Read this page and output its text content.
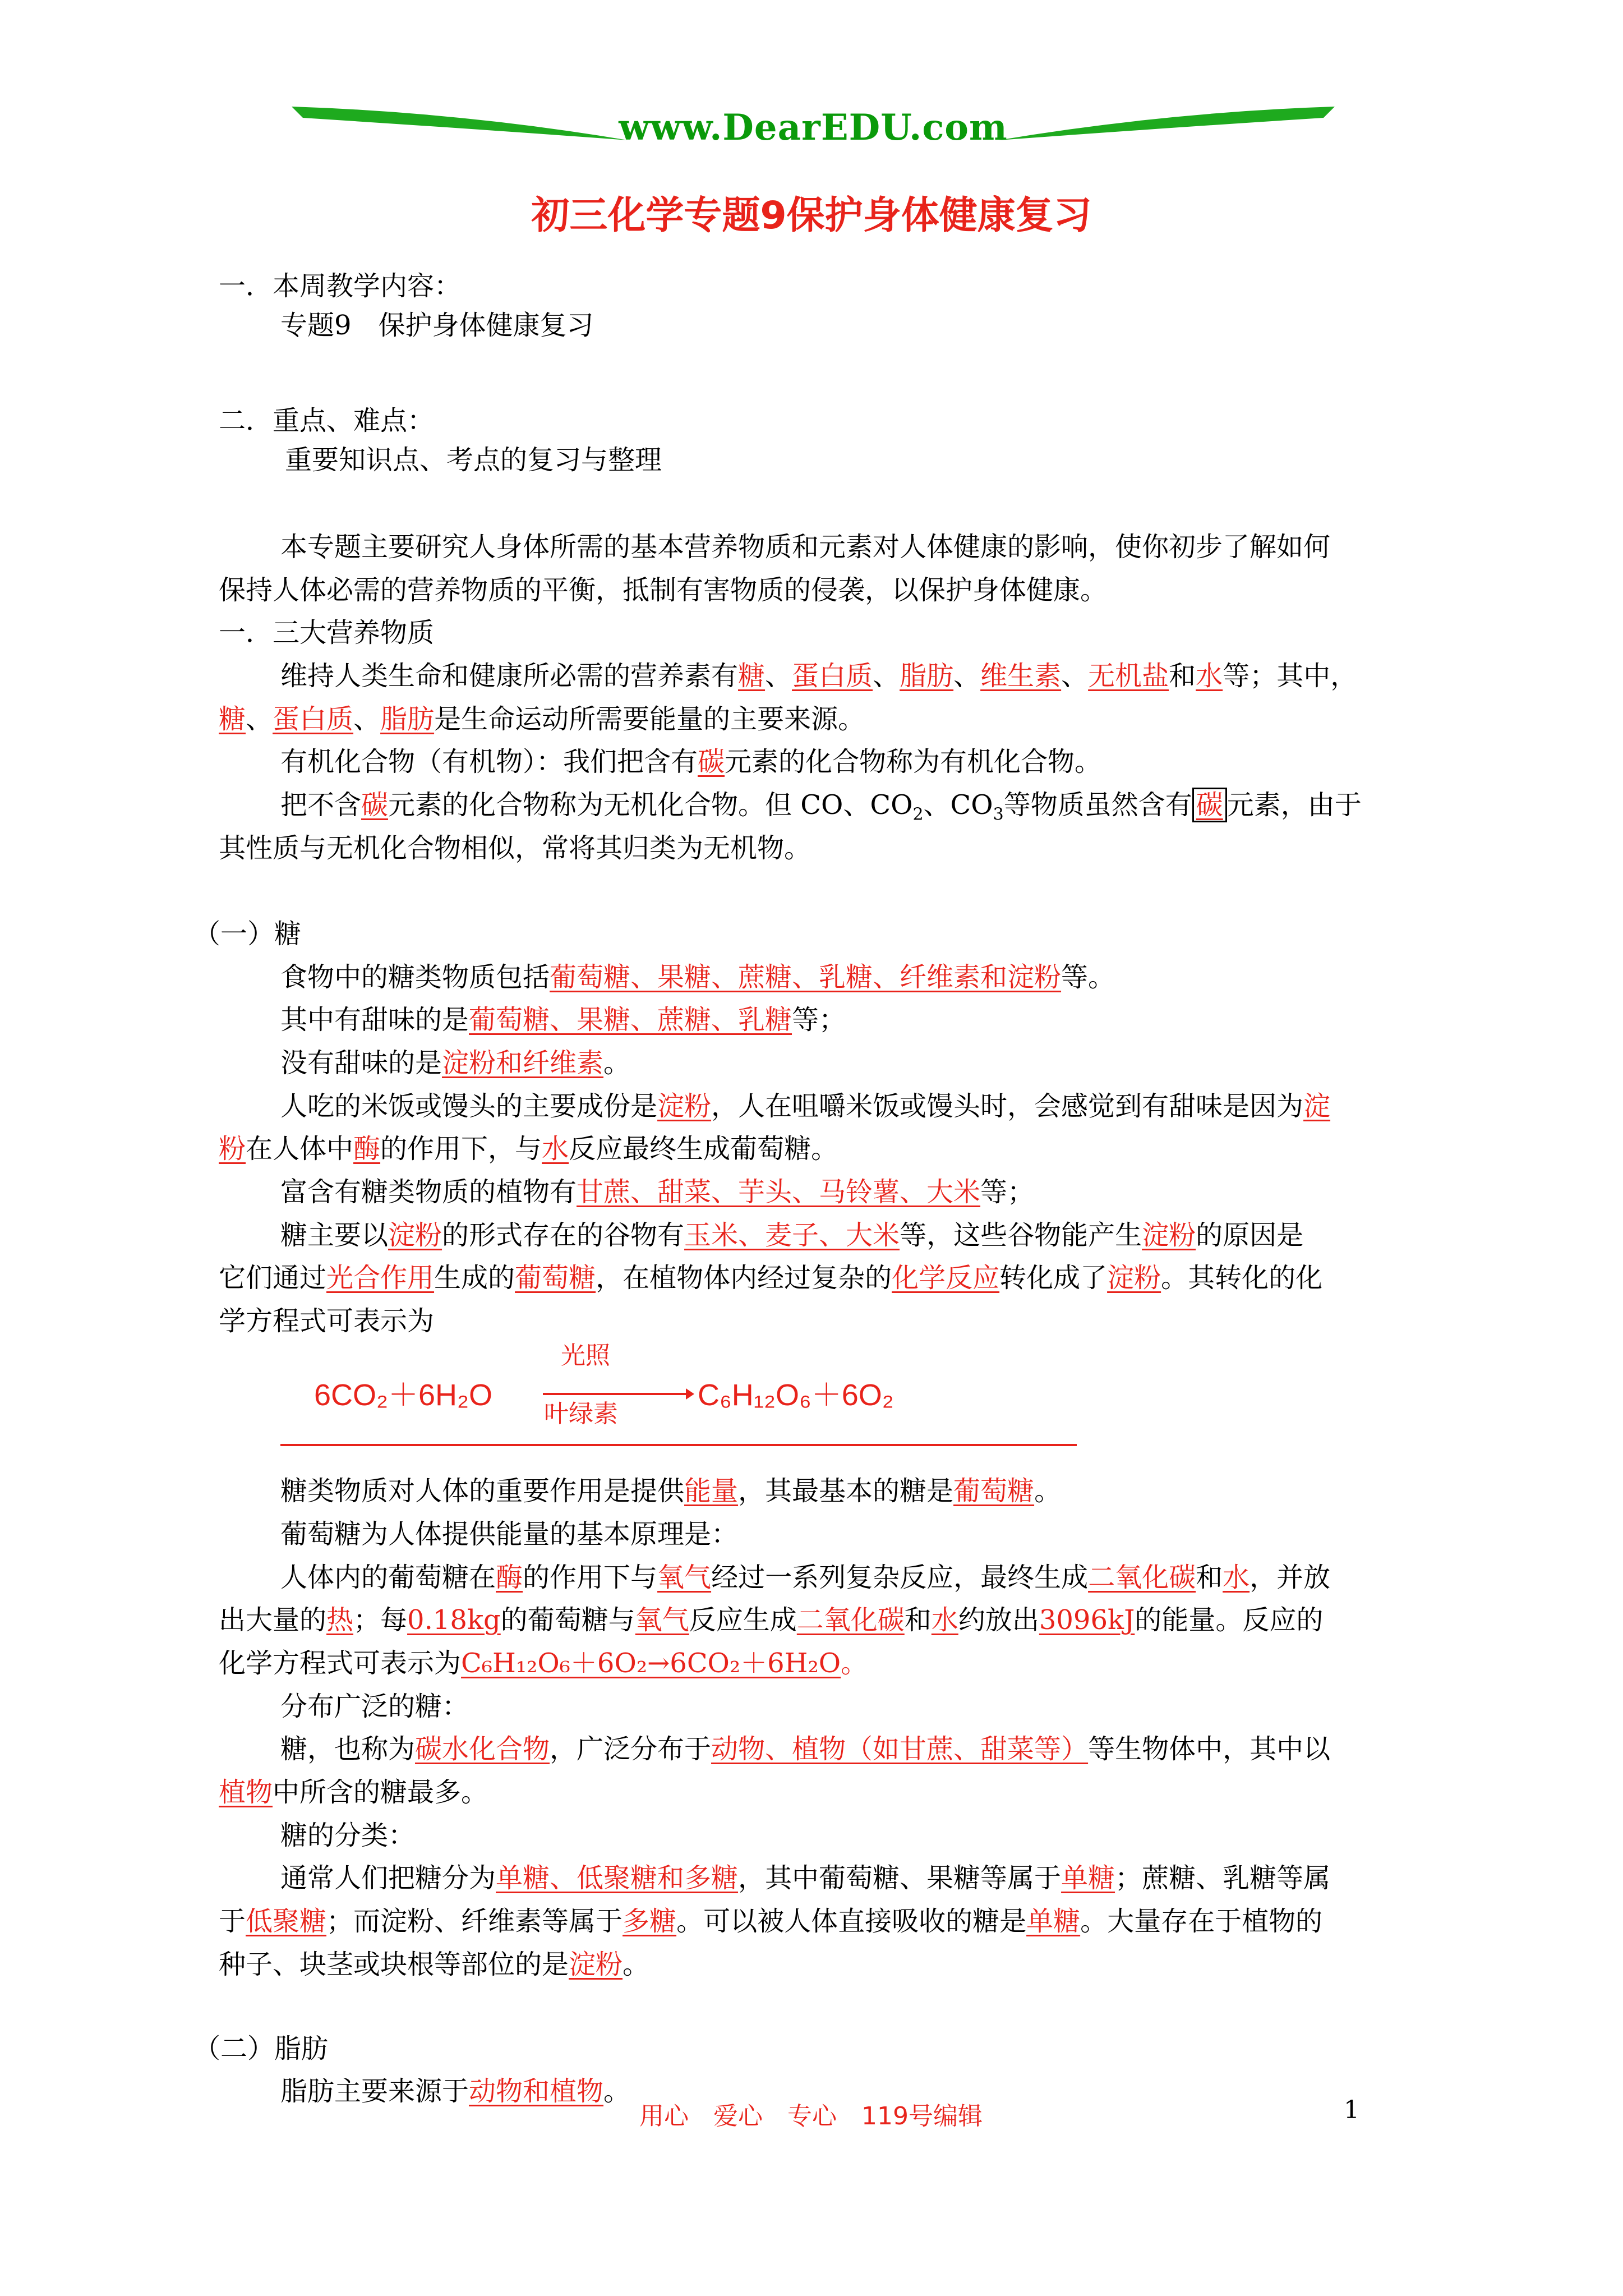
www.DearEDU.com
初三化学专题9保护身体健康复习
一．本周教学内容：
专题9　保护身体健康复习
二．重点、难点：
重要知识点、考点的复习与整理
本专题主要研究人身体所需的基本营养物质和元素对人体健康的影响，使你初步了解如何
保持人体必需的营养物质的平衡，抵制有害物质的侵袭，以保护身体健康。
一．三大营养物质
维持人类生命和健康所必需的营养素有糖、蛋白质、脂肪、维生素、无机盐和水等；其中，
糖、蛋白质、脂肪是生命运动所需要能量的主要来源。
有机化合物（有机物）：我们把含有碳元素的化合物称为有机化合物。
把不含碳元素的化合物称为无机化合物。但 CO、$CO_2$、$CO_3$等物质虽然含有 碳 元素，由于
其性质与无机化合物相似，常将其归类为无机物。
（一）糖
食物中的糖类物质包括葡萄糖、果糖、蔗糖、乳糖、纤维素和淀粉等。
其中有甜味的是葡萄糖、果糖、蔗糖、乳糖等；
没有甜味的是淀粉和纤维素。
人吃的米饭或馒头的主要成份是淀粉，人在咀嚼米饭或馒头时，会感觉到有甜味是因为淀
粉在人体中酶的作用下，与水反应最终生成葡萄糖。
富含有糖类物质的植物有甘蔗、甜菜、芋头、马铃薯、大米等；
糖主要以淀粉的形式存在的谷物有玉米、麦子、大米等，这些谷物能产生淀粉的原因是
它们通过光合作用生成的葡萄糖，在植物体内经过复杂的化学反应转化成了淀粉。其转化的化
学方程式可表示为
光照
6CO₂＋6H₂O
叶绿素
C₆H₁₂O₆＋6O₂
糖类物质对人体的重要作用是提供能量，其最基本的糖是葡萄糖。
葡萄糖为人体提供能量的基本原理是：
人体内的葡萄糖在酶的作用下与氧气经过一系列复杂反应，最终生成二氧化碳和水，并放
出大量的热；每0.18kg的葡萄糖与氧气反应生成二氧化碳和水约放出3096kJ的能量。反应的
化学方程式可表示为C₆H₁₂O₆＋6O₂→6CO₂＋6H₂O。
分布广泛的糖：
糖，也称为碳水化合物，广泛分布于动物、植物（如甘蔗、甜菜等）等生物体中，其中以
植物中所含的糖最多。
糖的分类：
通常人们把糖分为单糖、低聚糖和多糖，其中葡萄糖、果糖等属于单糖；蔗糖、乳糖等属
于低聚糖；而淀粉、纤维素等属于多糖。可以被人体直接吸收的糖是单糖。大量存在于植物的
种子、块茎或块根等部位的是淀粉。
（二）脂肪
脂肪主要来源于动物和植物。
用心　爱心　专心　119号编辑	1
